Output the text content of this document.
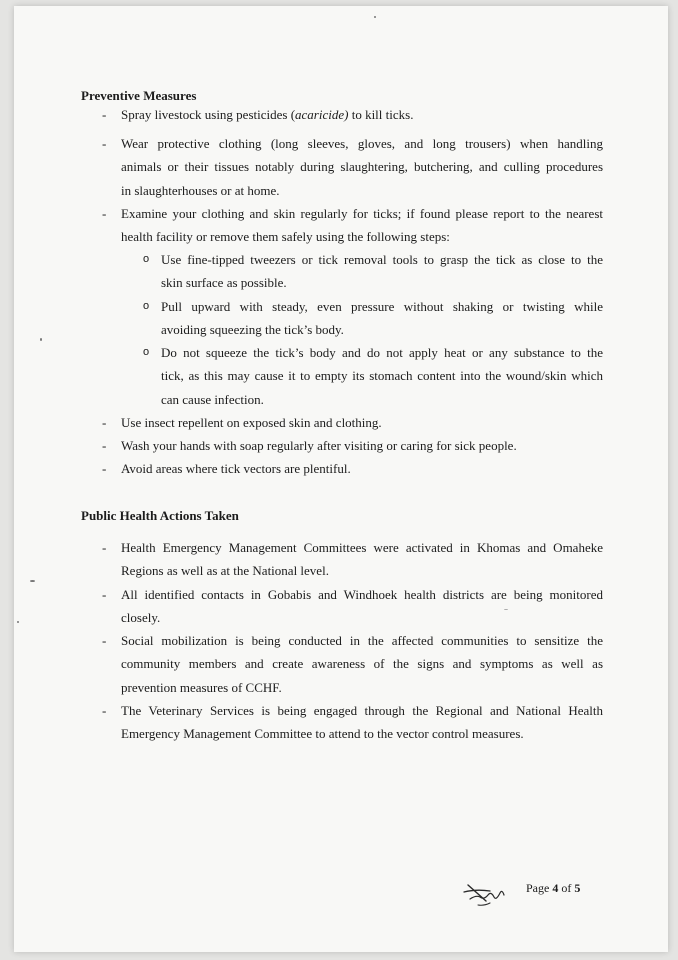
Preventive Measures
- Spray livestock using pesticides (acaricide) to kill ticks.
- Wear protective clothing (long sleeves, gloves, and long trousers) when handling
animals or their tissues notably during slaughtering, butchering, and culling procedures
in slaughterhouses or at home.
- Examine your clothing and skin regularly for ticks; if found please report to the nearest
health facility or remove them safely using the following steps:
o Use fine-tipped tweezers or tick removal tools to grasp the tick as close to the
skin surface as possible.
o Pull upward with steady, even pressure without shaking or twisting while
avoiding squeezing the tick’s body.
o Do not squeeze the tick’s body and do not apply heat or any substance to the
tick, as this may cause it to empty its stomach content into the wound/skin which
can cause infection.
- Use insect repellent on exposed skin and clothing.
- Wash your hands with soap regularly after visiting or caring for sick people.
- Avoid areas where tick vectors are plentiful.
Public Health Actions Taken
- Health Emergency Management Committees were activated in Khomas and Omaheke
Regions as well as at the National level.
- All identified contacts in Gobabis and Windhoek health districts are being monitored
closely.
- Social mobilization is being conducted in the affected communities to sensitize the
community members and create awareness of the signs and symptoms as well as
prevention measures of CCHF.
- The Veterinary Services is being engaged through the Regional and National Health
Emergency Management Committee to attend to the vector control measures.
Page 4 of 5
